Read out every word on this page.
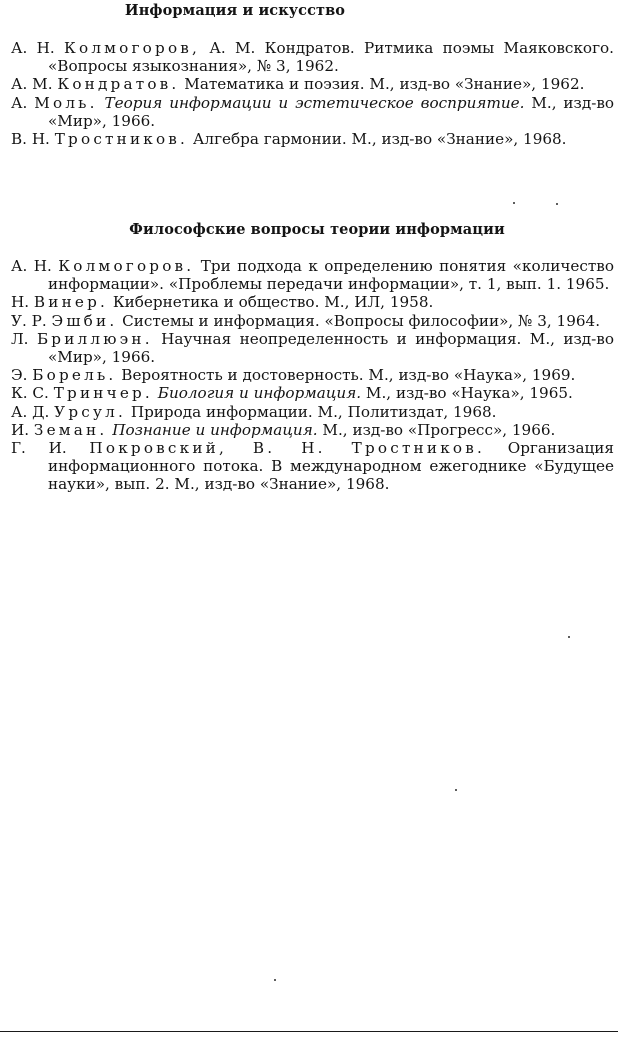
Информация и искусство
А. Н. Колмогоров, А. М. Кондратов. Ритмика поэмы Маяковского. «Вопросы языкознания», № 3, 1962.
А. М. Кондратов. Математика и поэзия. М., изд-во «Знание», 1962.
А. Моль. Теория информации и эстетическое восприятие. М., изд-во «Мир», 1966.
В. Н. Тростников. Алгебра гармонии. М., изд-во «Знание», 1968.
Философские вопросы теории информации
А. Н. Колмогоров. Три подхода к определению понятия «количество информации». «Проблемы передачи информации», т. 1, вып. 1. 1965.
Н. Винер. Кибернетика и общество. М., ИЛ, 1958.
У. Р. Эшби. Системы и информация. «Вопросы философии», № 3, 1964.
Л. Бриллюэн. Научная неопределенность и информация. М., изд-во «Мир», 1966.
Э. Борель. Вероятность и достоверность. М., изд-во «Наука», 1969.
К. С. Тринчер. Биология и информация. М., изд-во «Наука», 1965.
А. Д. Урсул. Природа информации. М., Политиздат, 1968.
И. Земан. Познание и информация. М., изд-во «Прогресс», 1966.
Г. И. Покровский, В. Н. Тростников. Организация информационного потока. В международном ежегоднике «Будущее науки», вып. 2. М., изд-во «Знание», 1968.
